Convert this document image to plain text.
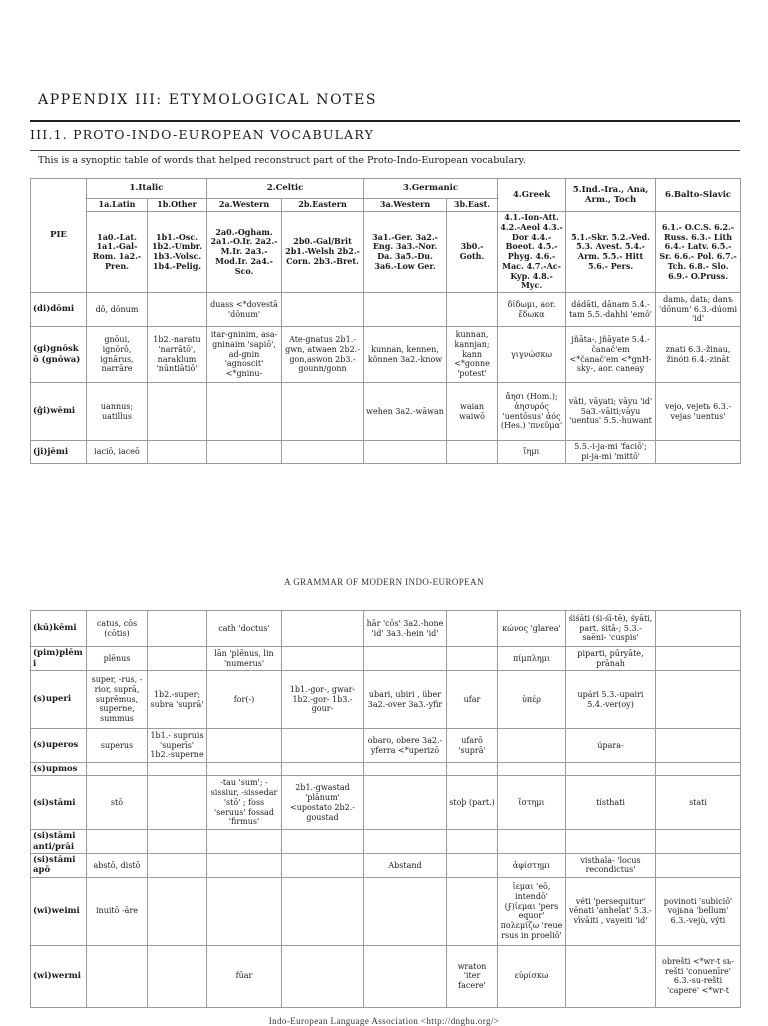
APPENDIX III: ETYMOLOGICAL NOTES
III.1. PROTO-INDO-EUROPEAN VOCABULARY
This is a synoptic table of words that helped reconstruct part of the Proto-Indo-European vocabulary.
PIE	1.Italic		2.Celtic		3.Germanic		4.Greek	5.Ind.-Ira., Ana, Arm., Toch	6.Balto-Slavic
	1a.Latin	1b.Other	2a.Western	2b.Eastern	3a.Western	3b.East.			
	1a0.-Lat. 1a1.-Gal-Rom. 1a2.-Pren.	1b1.-Osc. 1b2.-Umbr. 1b3.-Volsc. 1b4.-Pelig.	2a0.-Ogham. 2a1.-O.Ir. 2a2.-M.Ir. 2a3.-Mod.Ir. 2a4.-Sco.	2b0.-Gal/Brit 2b1.-Welsh 2b2.-Corn. 2b3.-Bret.	3a1.-Ger. 3a2.-Eng. 3a3.-Nor. Da. 3a5.-Du. 3a6.-Low Ger.	3b0.-Goth.	4.1.-Ion-Att. 4.2.-Aeol 4.3.-Dor 4.4.-Boeot. 4.5.-Phyg. 4.6.-Mac. 4.7.-Ac-Kyp. 4.8.-Myc.	5.1.-Skr. 5.2.-Ved. 5.3. Avest. 5.4.- Arm. 5.5.- Hitt 5.6.- Pers.	6.1.- O.C.S. 6.2.- Russ. 6.3.- Lith 6.4.- Latv. 6.5.- Sr. 6.6.- Pol. 6.7.- Tch. 6.8.- Slo. 6.9.- O.Pruss.
(di)dōmi	dō, dōnum		duass <*dovestā 'dōnum'				δίδωμι, aor. ἔδωκα	dádāti, dānam 5.4.-tam 5.5.-dahhi 'emō'	damь, datь; danъ 'dōnum' 6.3.-dúomi 'id'
(gi)gnōskō (gnōwa)	gnōui, ignōrō, ignārus, narrāre	1b2.-naratu 'narrātō', naraklum 'nūntiātiō'	itar-gninim, asa-gninaim 'sapiō', ad-gnin 'agnoscit' <*gninu-	Ate-gnatus 2b1.-gwn, atwaen 2b2.-gon,aswon 2b3.-gounn/gonn	kunnan, kennen, können 3a2.-know	kunnan, kannjan; kann <*gonne 'potest'	γιγνώσκω	jñāta-, jñāyate 5.4.-čanač'em <*čanač'em <*gnH-sky-, aor. caneay	znati 6.3.-žinau, žinóti 6.4.-zināt
(ĝi)wēmi	uannus; uatillus				wehen 3a2.-wāwan	waian waiwō	ἄησι (Hom.); ἀησυρός 'uentōsus' ἀός (Hes.) 'πνεῦμα'	vāti, vāyati; vāyu 'id' 5a3.-vāiti;vāyu 'uentus' 5.5.-huwant	vejo, vejetь 6.3.-vejas 'uentus'
(ji)jēmi	iaciō, iaceō						ἵημι	5.5.-i-ja-mi 'faciō'; pi-ja-mi 'mittō'	
A GRAMMAR OF MODERN INDO-EUROPEAN
(kū)kēmi	catus, cōs (cōtis)		cath 'doctus'		hār 'cōs' 3a2.-hone 'id' 3a3.-hein 'id'		κώνος 'glarea'	śiśāti (śi-śī-tē), śyāti, part. śitā-; 5.3.-saēni- 'cuspis'	
(pim)plēmi	plēnus		lān 'plēnus, lin 'numerus'				πίμπλημι	piparti, pūryāte, prānah	
(s)uperi	super, -rus, -rior, suprā, suprēmus, superne, summus	1b2.-super; subra 'suprā'	for(-)	1b1.-gor-, gwar- 1b2.-gor- 1b3.-gour-	ubari, ubiri , über 3a2.-over 3a3.-yfir	ufar	ὑπέρ	upári 5.3.-upairi 5.4.-ver(oy)	
(s)uperos	superus	1b1.- supruis 'superīs' 1b2.-superne			obaro, obere 3a2.-yferra <*uperizō	ufarō 'suprā'		úpara-	
(s)upmos									
(si)stāmi	stō		-tau 'sum'; -sissiur, -sissedar 'stō' ; foss 'seruus' fossad 'firmus'	2b1.-gwastad 'plānum' <upostato 2b2.-goustad		stoþ (part.)	ἵστημι	tísthati	stati
(si)stāmi anti/prāi									
(si)stāmi apō	abstō, distō				Abstand		ἀφίστημι	visthala- 'locus recondictus'	
(wi)weimi	inuitō -āre						ἱεμαι 'eō, intendō' (ϝ)ἱεμαι 'pers equor' πολεμίζω 'reue rsus in proeliō'	véti 'persequitur' vēnati 'anhelat' 5.3.-vīvāiti , vayeiti 'id'	povinoti 'subiciō' vojьna 'bellum' 6.3.-vejù, výti
(wi)wermi			fūar			wraton 'iter facere'	εὑρίσκω		obrešti <*wr-t sь-rešti 'conuenīre' 6.3.-su-rešti 'capere' <*wr-t
Indo-European Language Association <http://dnghu.org/>
